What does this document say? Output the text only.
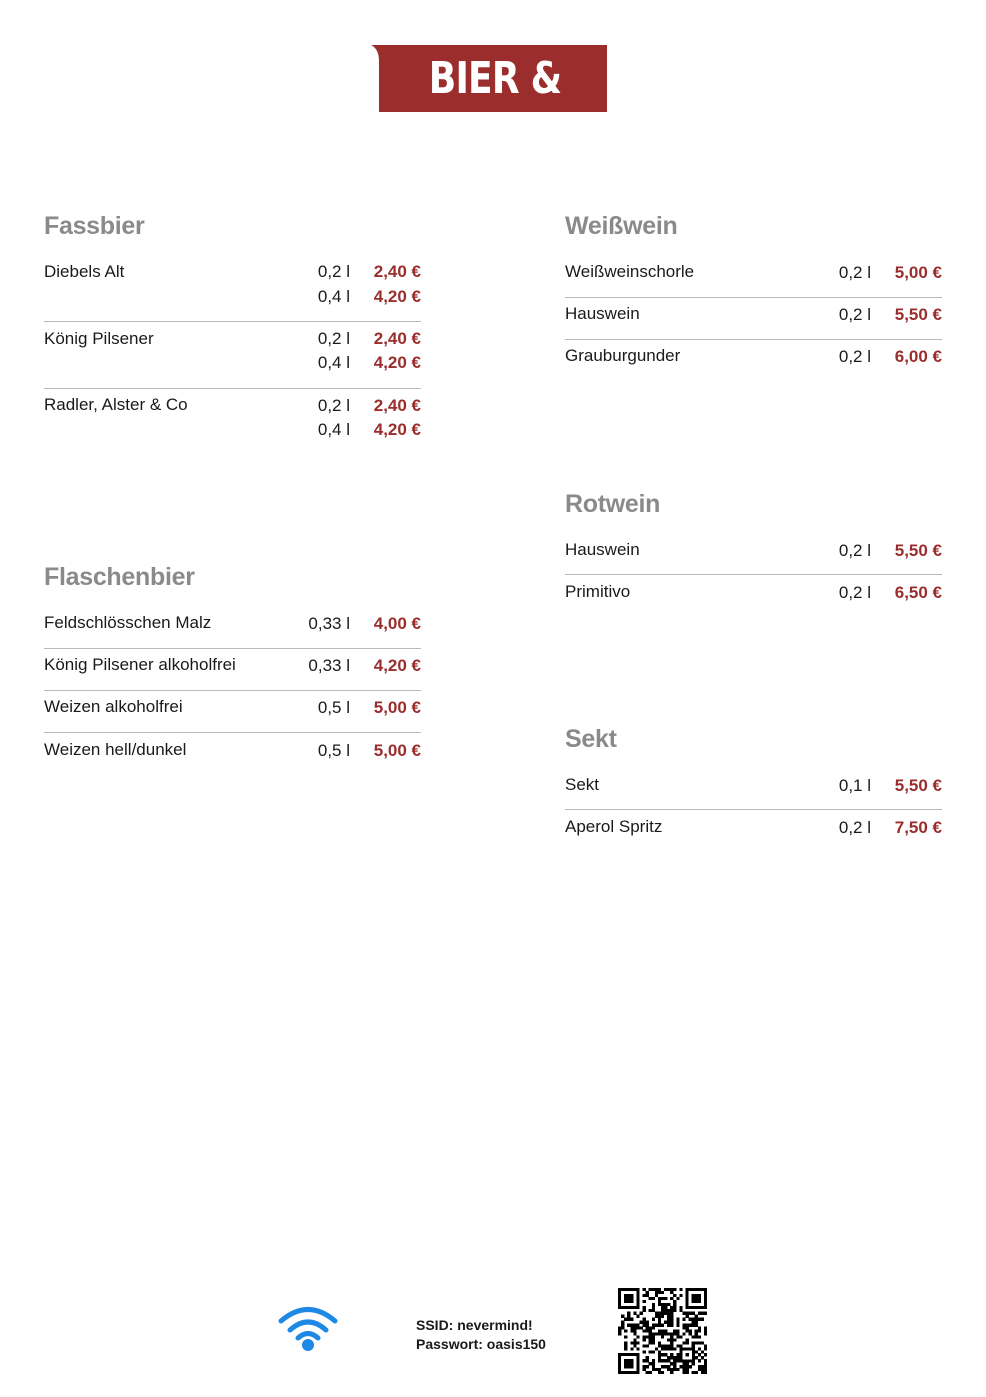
BIER & WEIN
Fassbier
Diebels Alt	0,2 l 2,40 €
0,4 l 4,20 €
König Pilsener	0,2 l 2,40 €
0,4 l 4,20 €
Radler, Alster & Co	0,2 l 2,40 €
0,4 l 4,20 €
Flaschenbier
Feldschlösschen Malz	0,33 l 4,00 €
König Pilsener alkoholfrei	0,33 l 4,20 €
Weizen alkoholfrei	0,5 l 5,00 €
Weizen hell/dunkel	0,5 l 5,00 €
Weißwein
Weißweinschorle	0,2 l 5,00 €
Hauswein	0,2 l 5,50 €
Grauburgunder	0,2 l 6,00 €
Rotwein
Hauswein	0,2 l 5,50 €
Primitivo	0,2 l 6,50 €
Sekt
Sekt	0,1 l 5,50 €
Aperol Spritz	0,2 l 7,50 €
SSID: nevermind!
Passwort: oasis150
